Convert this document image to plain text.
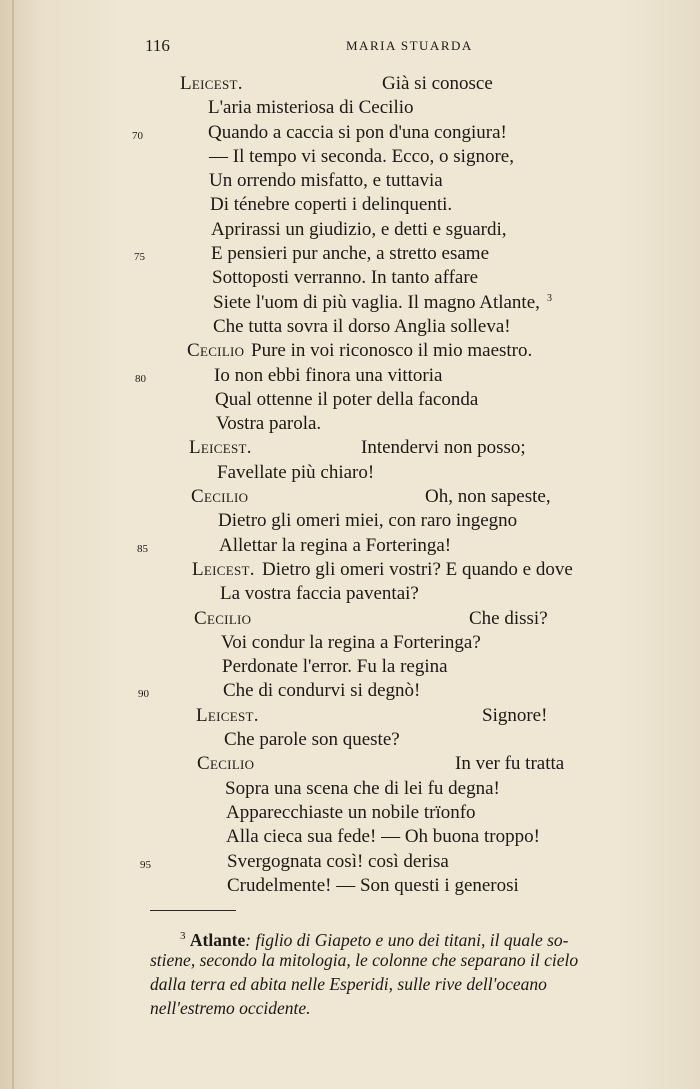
116	MARIA STUARDA
Leicest.	Già si conosce
L'aria misteriosa di Cecilio
70	Quando a caccia si pon d'una congiura!
— Il tempo vi seconda. Ecco, o signore,
Un orrendo misfatto, e tuttavia
Di ténebre coperti i delinquenti.
Aprirassi un giudizio, e detti e sguardi,
75	E pensieri pur anche, a stretto esame
Sottoposti verranno. In tanto affare
Siete l'uom di più vaglia. Il magno Atlante, 3
Che tutta sovra il dorso Anglia solleva!
Cecilio Pure in voi riconosco il mio maestro.
80	Io non ebbi finora una vittoria
Qual ottenne il poter della faconda
Vostra parola.
Leicest.	Intendervi non posso;
Favellate più chiaro!
Cecilio	Oh, non sapeste,
Dietro gli omeri miei, con raro ingegno
85	Allettar la regina a Forteringa!
Leicest. Dietro gli omeri vostri? E quando e dove
La vostra faccia paventai?
Cecilio	Che dissi?
Voi condur la regina a Forteringa?
Perdonate l'error. Fu la regina
90	Che di condurvi si degnò!
Leicest.	Signore!
Che parole son queste?
Cecilio	In ver fu tratta
Sopra una scena che di lei fu degna!
Apparecchiaste un nobile trïonfo
Alla cieca sua fede! — Oh buona troppo!
95	Svergognata così! così derisa
Crudelmente! — Son questi i generosi
$^3$ Atlante: figlio di Giapeto e uno dei titani, il quale so-
stiene, secondo la mitologia, le colonne che separano il cielo
dalla terra ed abita nelle Esperidi, sulle rive dell'oceano
nell'estremo occidente.
